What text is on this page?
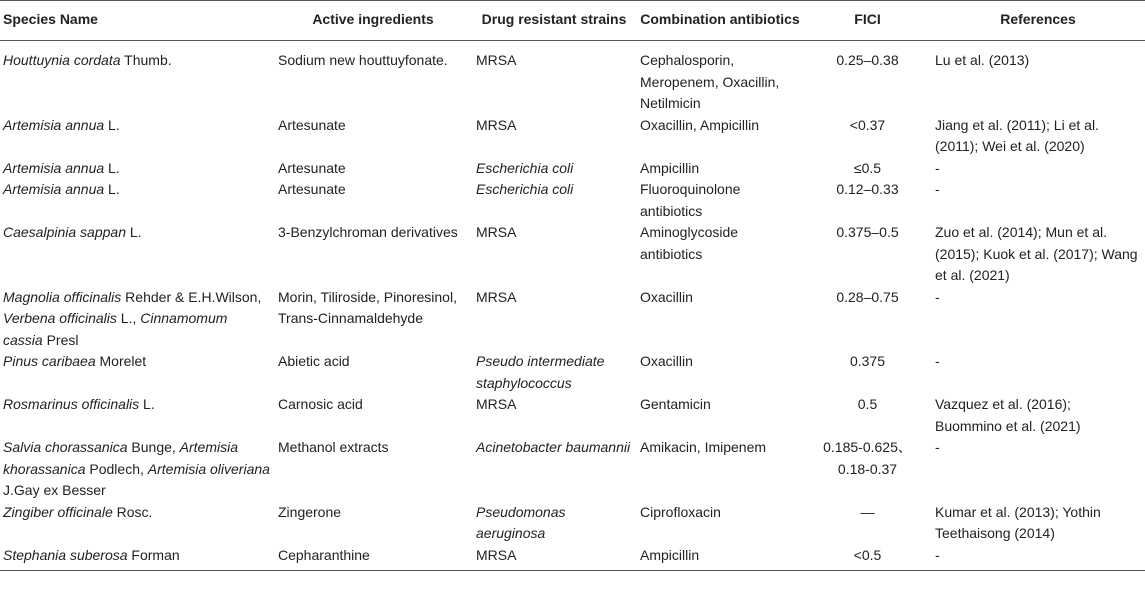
Species Name	Active ingredients	Drug resistant strains	Combination antibiotics	FICI	References
Houttuynia cordata Thumb.	Sodium new houttuyfonate.	MRSA	Cephalosporin, Meropenem, Oxacillin, Netilmicin	0.25–0.38	Lu et al. (2013)
Artemisia annua L.	Artesunate	MRSA	Oxacillin, Ampicillin	<0.37	Jiang et al. (2011); Li et al. (2011); Wei et al. (2020)
Artemisia annua L.	Artesunate	Escherichia coli	Ampicillin	≤0.5	-
Artemisia annua L.	Artesunate	Escherichia coli	Fluoroquinolone antibiotics	0.12–0.33	-
Caesalpinia sappan L.	3-Benzylchroman derivatives	MRSA	Aminoglycoside antibiotics	0.375–0.5	Zuo et al. (2014); Mun et al. (2015); Kuok et al. (2017); Wang et al. (2021)
Magnolia officinalis Rehder & E.H.Wilson, Verbena officinalis L., Cinnamomum cassia Presl	Morin, Tiliroside, Pinoresinol, Trans-Cinnamaldehyde	MRSA	Oxacillin	0.28–0.75	-
Pinus caribaea Morelet	Abietic acid	Pseudo intermediate staphylococcus	Oxacillin	0.375	-
Rosmarinus officinalis L.	Carnosic acid	MRSA	Gentamicin	0.5	Vazquez et al. (2016); Buommino et al. (2021)
Salvia chorassanica Bunge, Artemisia khorassanica Podlech, Artemisia oliveriana J.Gay ex Besser	Methanol extracts	Acinetobacter baumannii	Amikacin, Imipenem	0.185-0.625、0.18-0.37	-
Zingiber officinale Rosc.	Zingerone	Pseudomonas aeruginosa	Ciprofloxacin	—	Kumar et al. (2013); Yothin Teethaisong (2014)
Stephania suberosa Forman	Cepharanthine	MRSA	Ampicillin	<0.5	-
